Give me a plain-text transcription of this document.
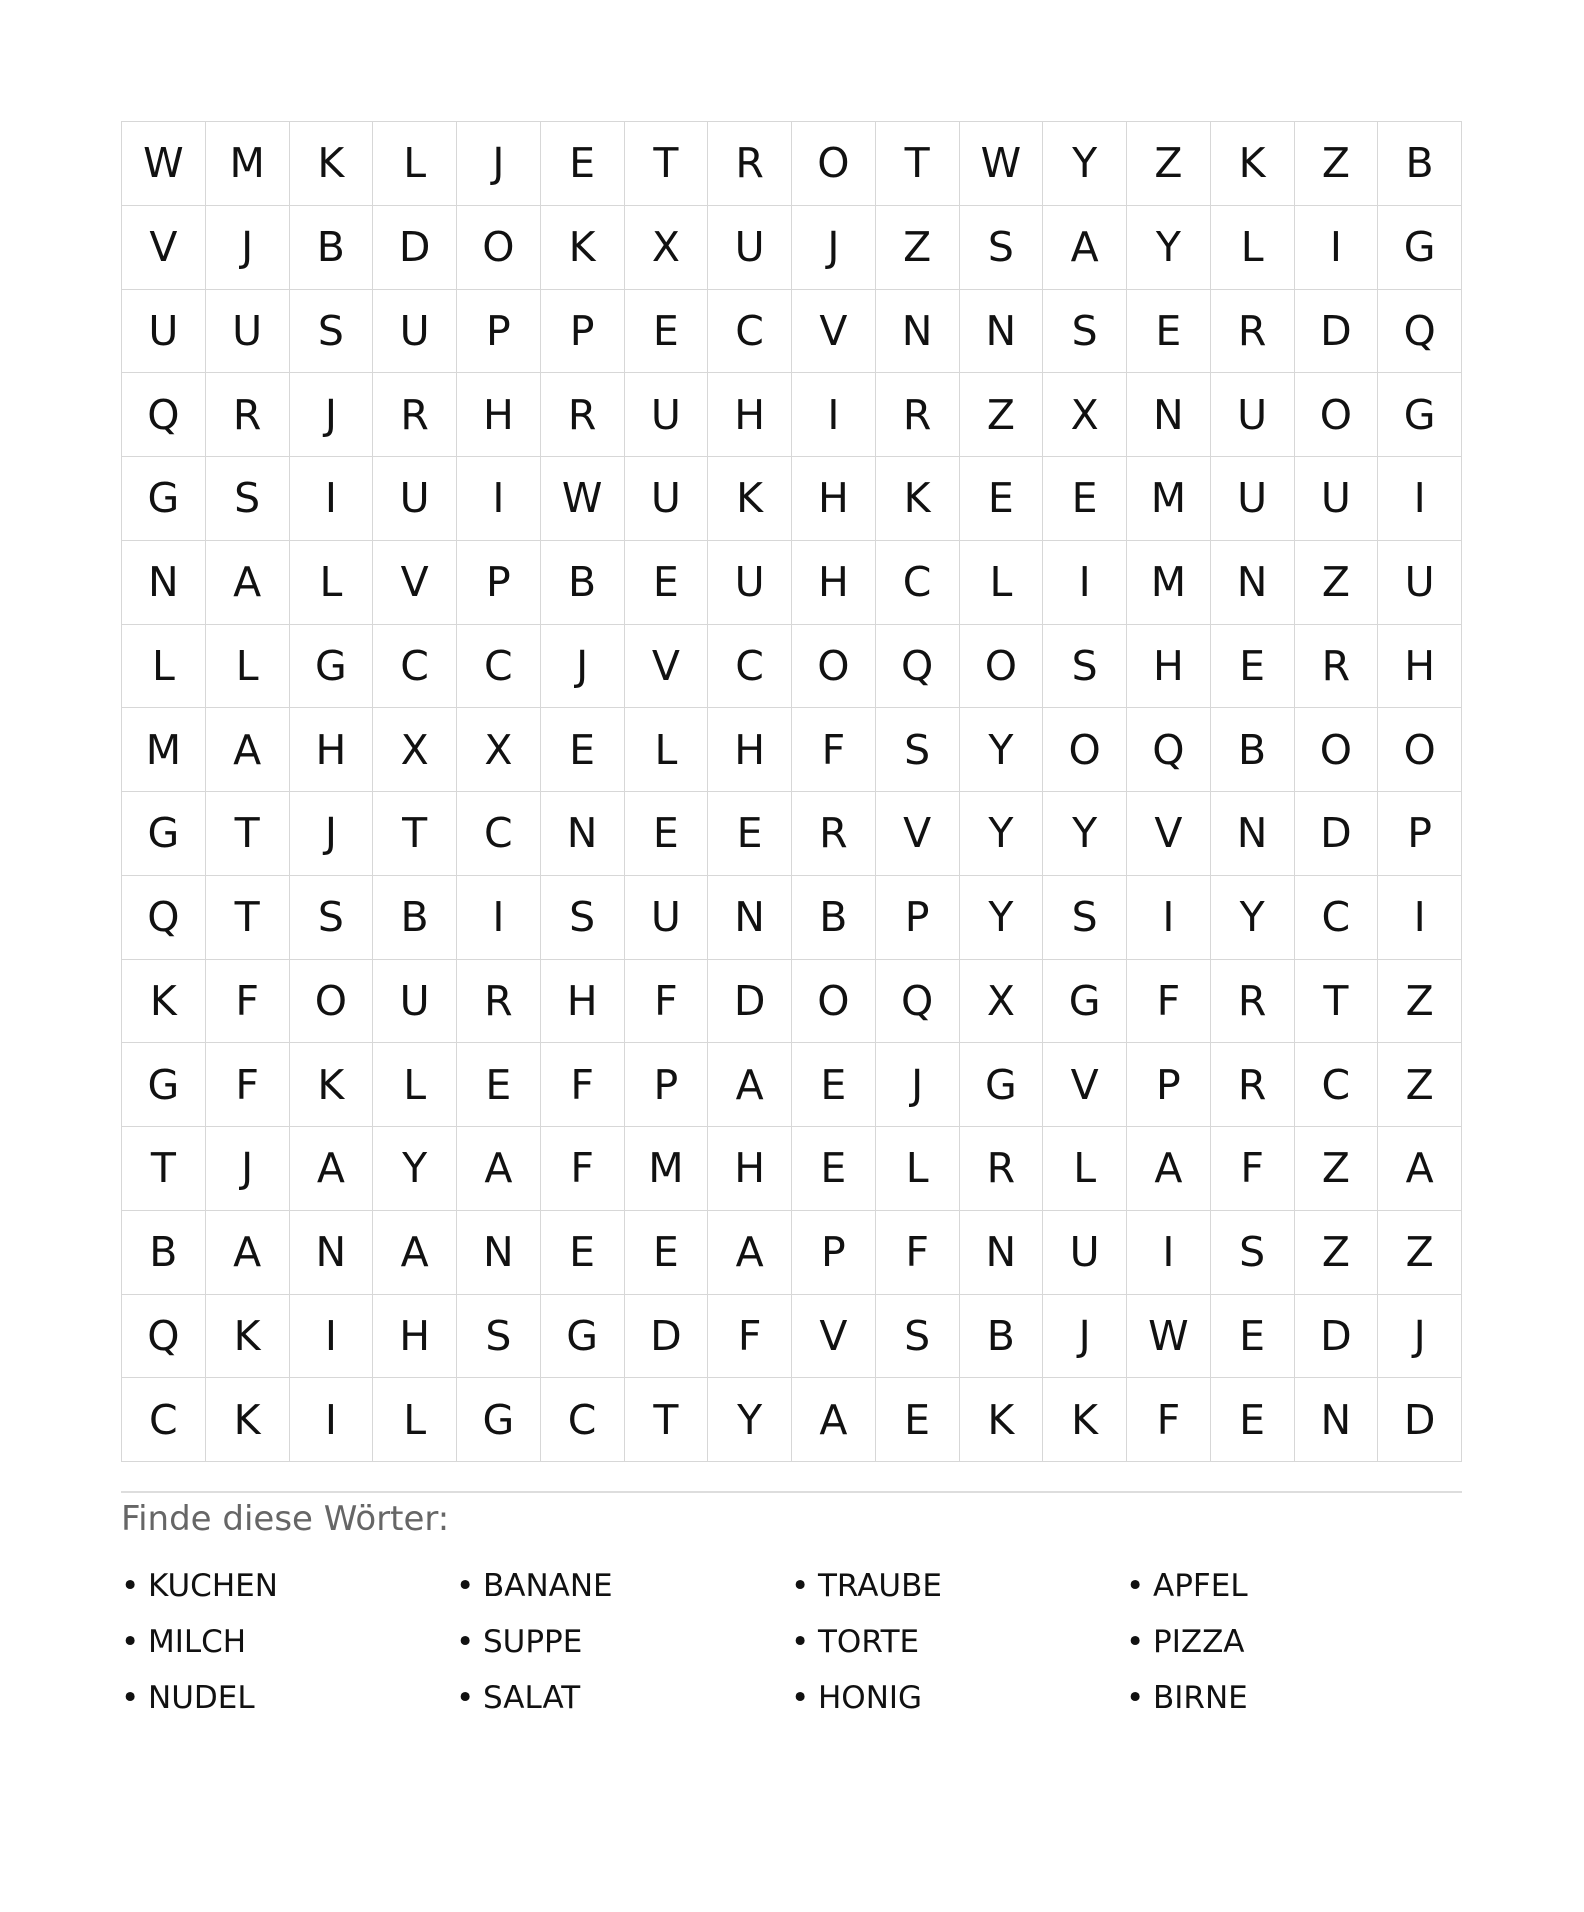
W	M	K	L	J	E	T	R	O	T	W	Y	Z	K	Z	B
V	J	B	D	O	K	X	U	J	Z	S	A	Y	L	I	G
U	U	S	U	P	P	E	C	V	N	N	S	E	R	D	Q
Q	R	J	R	H	R	U	H	I	R	Z	X	N	U	O	G
G	S	I	U	I	W	U	K	H	K	E	E	M	U	U	I
N	A	L	V	P	B	E	U	H	C	L	I	M	N	Z	U
L	L	G	C	C	J	V	C	O	Q	O	S	H	E	R	H
M	A	H	X	X	E	L	H	F	S	Y	O	Q	B	O	O
G	T	J	T	C	N	E	E	R	V	Y	Y	V	N	D	P
Q	T	S	B	I	S	U	N	B	P	Y	S	I	Y	C	I
K	F	O	U	R	H	F	D	O	Q	X	G	F	R	T	Z
G	F	K	L	E	F	P	A	E	J	G	V	P	R	C	Z
T	J	A	Y	A	F	M	H	E	L	R	L	A	F	Z	A
B	A	N	A	N	E	E	A	P	F	N	U	I	S	Z	Z
Q	K	I	H	S	G	D	F	V	S	B	J	W	E	D	J
C	K	I	L	G	C	T	Y	A	E	K	K	F	E	N	D
Finde diese Wörter:
• KUCHEN	• BANANE	• TRAUBE	• APFEL
• MILCH	• SUPPE	• TORTE	• PIZZA
• NUDEL	• SALAT	• HONIG	• BIRNE
